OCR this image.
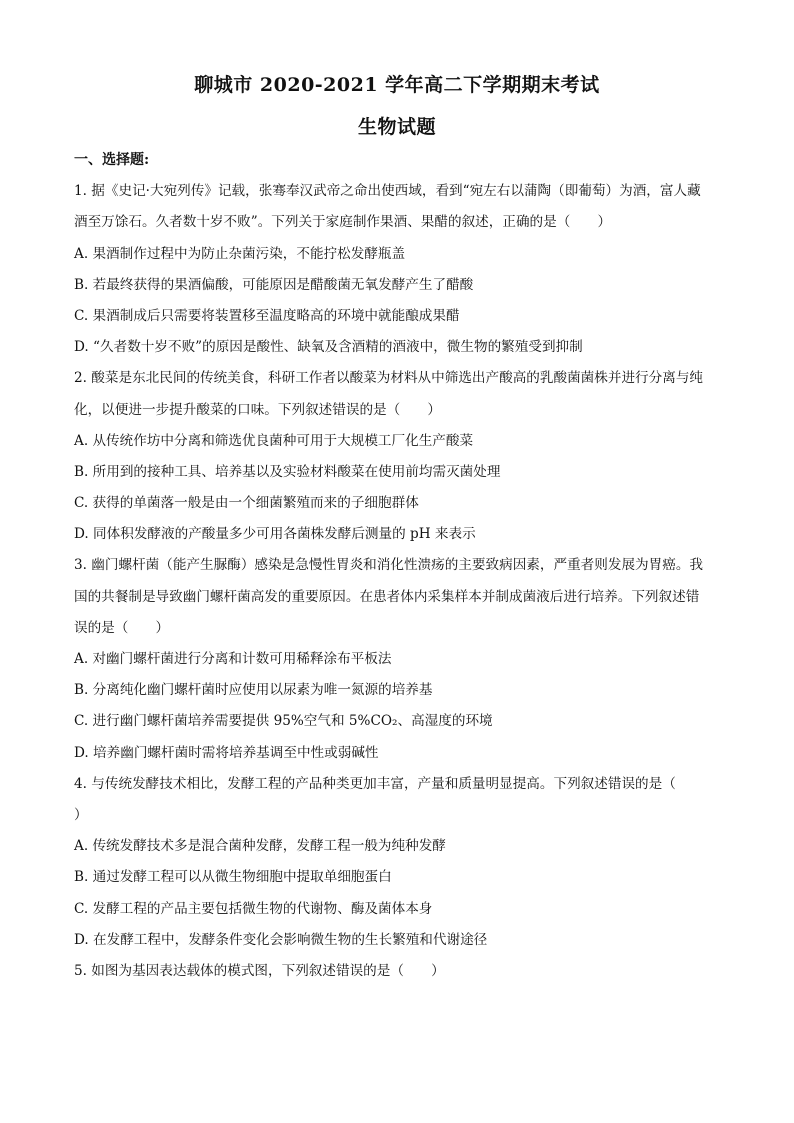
聊城市 2020-2021 学年高二下学期期末考试
生物试题
一、选择题:
1. 据《史记·大宛列传》记载，张骞奉汉武帝之命出使西域，看到“宛左右以蒲陶（即葡萄）为酒，富人藏
酒至万馀石。久者数十岁不败”。下列关于家庭制作果酒、果醋的叙述，正确的是（　　）
A. 果酒制作过程中为防止杂菌污染，不能拧松发酵瓶盖
B. 若最终获得的果酒偏酸，可能原因是醋酸菌无氧发酵产生了醋酸
C. 果酒制成后只需要将装置移至温度略高的环境中就能酿成果醋
D. “久者数十岁不败”的原因是酸性、缺氧及含酒精的酒液中，微生物的繁殖受到抑制
2. 酸菜是东北民间的传统美食，科研工作者以酸菜为材料从中筛选出产酸高的乳酸菌菌株并进行分离与纯
化，以便进一步提升酸菜的口味。下列叙述错误的是（　　）
A. 从传统作坊中分离和筛选优良菌种可用于大规模工厂化生产酸菜
B. 所用到的接种工具、培养基以及实验材料酸菜在使用前均需灭菌处理
C. 获得的单菌落一般是由一个细菌繁殖而来的子细胞群体
D. 同体积发酵液的产酸量多少可用各菌株发酵后测量的 pH 来表示
3. 幽门螺杆菌（能产生脲酶）感染是急慢性胃炎和消化性溃疡的主要致病因素，严重者则发展为胃癌。我
国的共餐制是导致幽门螺杆菌高发的重要原因。在患者体内采集样本并制成菌液后进行培养。下列叙述错
误的是（　　）
A. 对幽门螺杆菌进行分离和计数可用稀释涂布平板法
B. 分离纯化幽门螺杆菌时应使用以尿素为唯一氮源的培养基
C. 进行幽门螺杆菌培养需要提供 95%空气和 5%CO₂、高湿度的环境
D. 培养幽门螺杆菌时需将培养基调至中性或弱碱性
4. 与传统发酵技术相比，发酵工程的产品种类更加丰富，产量和质量明显提高。下列叙述错误的是（
）
A. 传统发酵技术多是混合菌种发酵，发酵工程一般为纯种发酵
B. 通过发酵工程可以从微生物细胞中提取单细胞蛋白
C. 发酵工程的产品主要包括微生物的代谢物、酶及菌体本身
D. 在发酵工程中，发酵条件变化会影响微生物的生长繁殖和代谢途径
5. 如图为基因表达载体的模式图，下列叙述错误的是（　　）
